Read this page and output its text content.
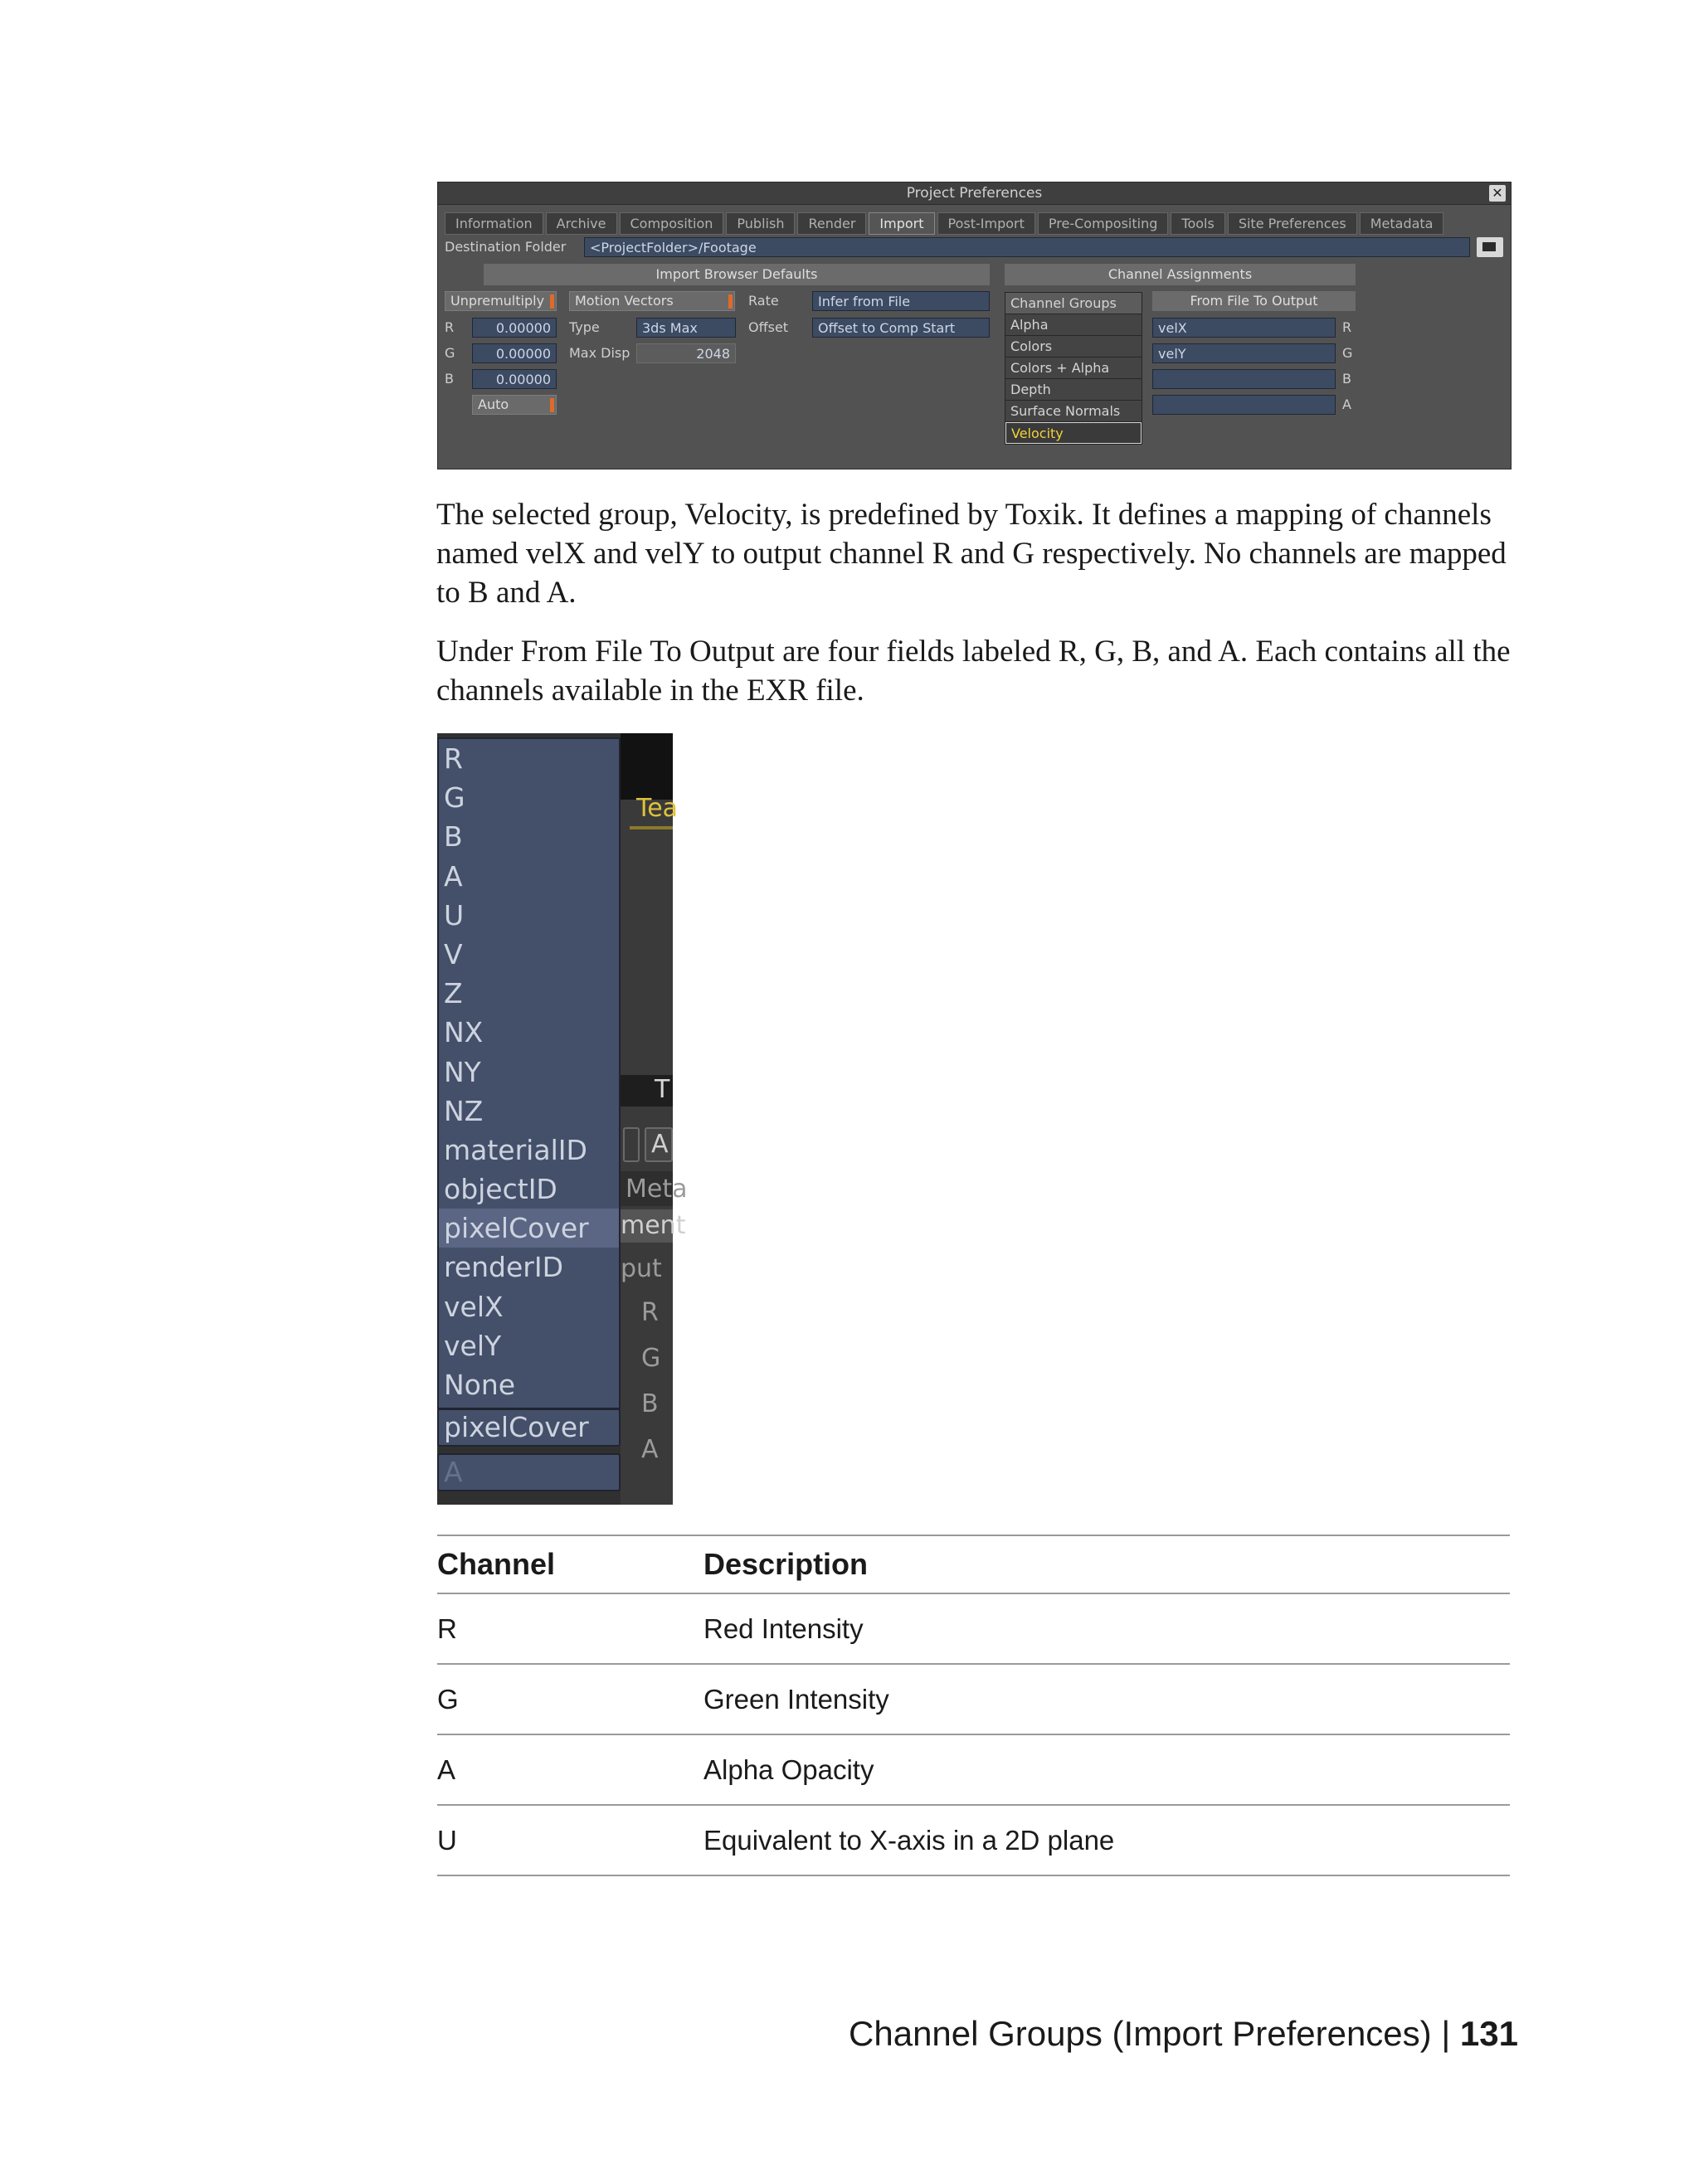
Project Preferences	✕
Information	Archive	Composition	Publish	Render	Import	Post-Import	Pre-Compositing	Tools	Site Preferences	Metadata
Destination Folder	<ProjectFolder>/Footage
Import Browser Defaults
Unpremultiply
R	0.00000
G	0.00000
B	0.00000
Auto
Motion Vectors
Type	3ds Max
Max Disp	2048
Rate	Infer from File
Offset	Offset to Comp Start
Channel Assignments
Channel Groups
Alpha
Colors
Colors + Alpha
Depth
Surface Normals
Velocity
From File To Output
velX	R
velY	G
B
A

The selected group, Velocity, is predefined by Toxik. It defines a mapping of channels named velX and velY to output channel R and G respectively. No channels are mapped to B and A.

Under From File To Output are four fields labeled R, G, B, and A. Each contains all the channels available in the EXR file.

Tea
T
A
Meta
ment
put
R
G
B
A
R
G
B
A
U
V
Z
NX
NY
NZ
materialID
objectID
pixelCover
renderID
velX
velY
None
pixelCover
A
Channel	Description
R	Red Intensity
G	Green Intensity
A	Alpha Opacity
U	Equivalent to X-axis in a 2D plane
Channel Groups (Import Preferences) | 131
